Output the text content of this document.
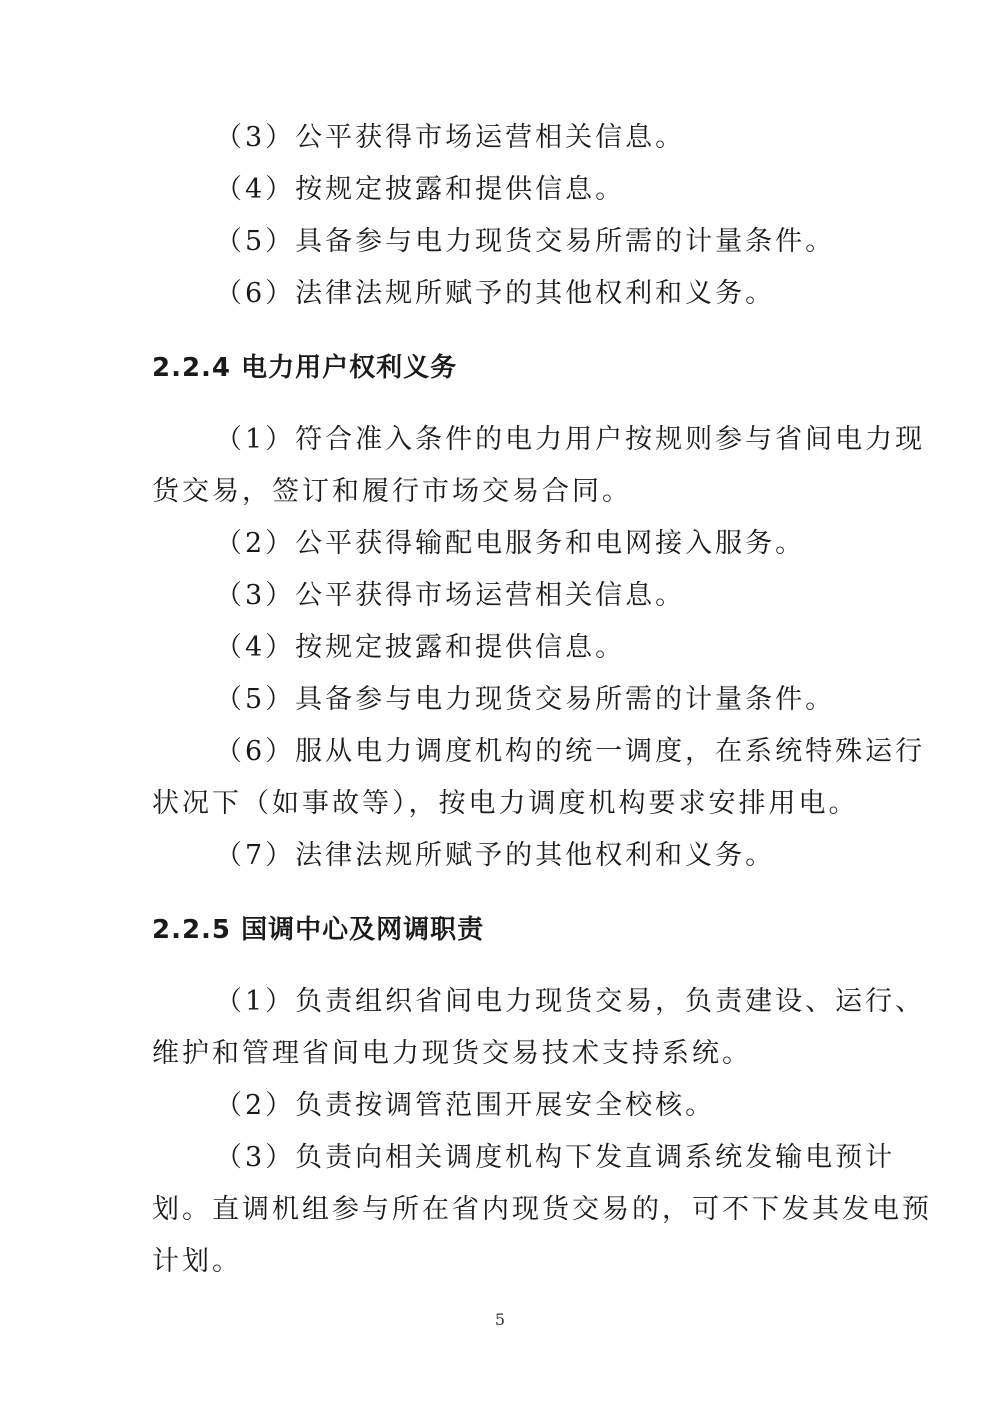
（3）公平获得市场运营相关信息。
（4）按规定披露和提供信息。
（5）具备参与电力现货交易所需的计量条件。
（6）法律法规所赋予的其他权利和义务。
2.2.4 电力用户权利义务
（1）符合准入条件的电力用户按规则参与省间电力现
货交易，签订和履行市场交易合同。
（2）公平获得输配电服务和电网接入服务。
（3）公平获得市场运营相关信息。
（4）按规定披露和提供信息。
（5）具备参与电力现货交易所需的计量条件。
（6）服从电力调度机构的统一调度，在系统特殊运行
状况下（如事故等），按电力调度机构要求安排用电。
（7）法律法规所赋予的其他权利和义务。
2.2.5 国调中心及网调职责
（1）负责组织省间电力现货交易，负责建设、运行、
维护和管理省间电力现货交易技术支持系统。
（2）负责按调管范围开展安全校核。
（3）负责向相关调度机构下发直调系统发输电预计
划。直调机组参与所在省内现货交易的，可不下发其发电预
计划。
5
